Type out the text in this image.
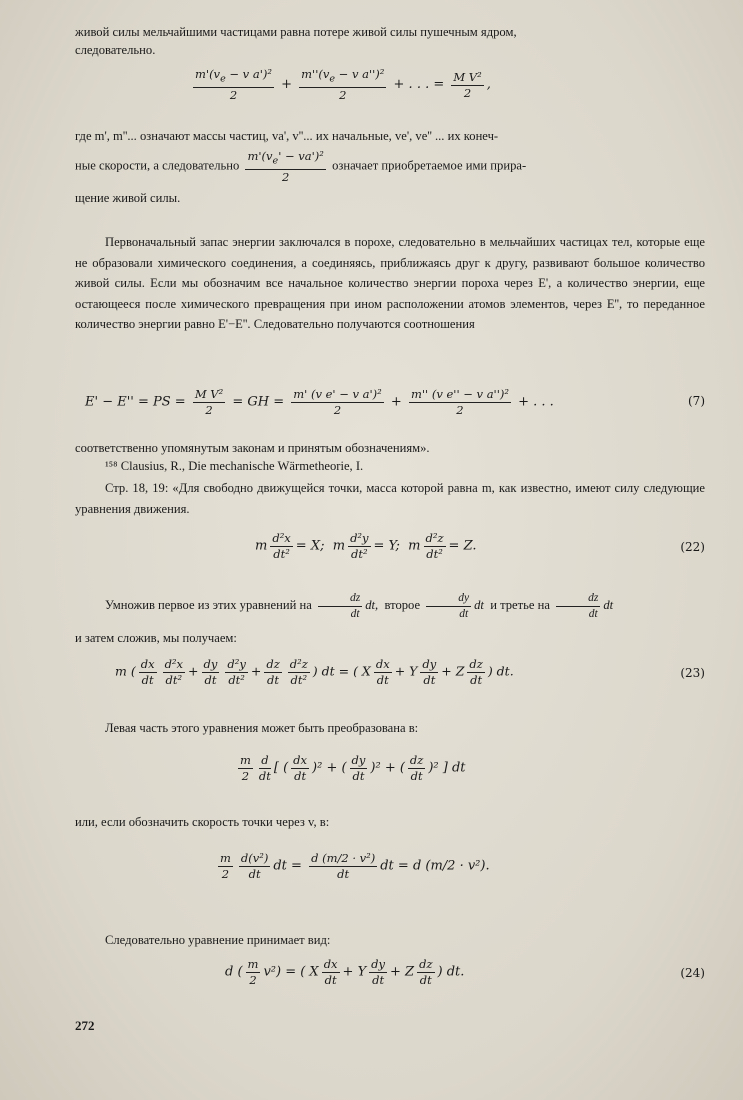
живой силы мельчайшими частицами равна потере живой силы пушечным ядром,

следовательно.

$\frac{m'(v_e - v a')^2}{2} + \frac{m''(v_e - v a'')^2}{2}$ + . . . = $\frac{\text{M V²}}{2}$ ,

где m', m''... означают массы частиц, va', v''... их начальные, ve', ve'' ... их конеч-

ные скорости, а следовательно $\frac{m'(v_e' - va')^2}{2}$ означает приобретаемое ими прира-

щение живой силы.

Первоначальный запас энергии заключался в порохе, следовательно в мельчайших частицах тел, которые еще не образовали химического соединения, а соединяясь, приближаясь друг к другу, развивают большое количество живой силы. Если мы обозначим все начальное количество энергии пороха через E', а количество энергии, еще остающееся после химического превращения при ином расположении атомов элементов, через E'', то переданное количество энергии равно E'−E''. Следовательно получаются соотношения

E' − E'' = PS = $\frac{\text{M V²}}{2}$ = GH = $\frac{\text{m' (v e' − v a')²}}{2} + \frac{\text{m'' (v e'' − v a'')²}}{2}$ + . . .	(7)

соответственно упомянутым законам и принятым обозначениям».

¹⁵⁸ Clausius, R., Die mechanische Wärmetheorie, I.

Стр. 18, 19: «Для свободно движущейся точки, масса которой равна m, как известно, имеют силу следующие уравнения движения.

m $\frac{\text{d²x}}{\text{dt²}} = X$;  m $\frac{\text{d²y}}{\text{dt²}} = Y$;  m $\frac{\text{d²z}}{\text{dt²}} = Z$.	(22)
Умножив первое из этих уравнений на $\frac{dz}{dt}$ dt, второе $\frac{dy}{dt}$ dt и третье на $\frac{dz}{dt}$ dt

и затем сложив, мы получаем:

m ( $\frac{dx}{dt} \frac{\text{d²x}}{\text{dt²}} + \frac{dy}{dt} \frac{\text{d²y}}{\text{dt²}} + \frac{dz}{dt} \frac{\text{d²z}}{\text{dt²}}$ ) dt = ( X $\frac{dx}{dt} + Y \frac{dy}{dt} + Z \frac{dz}{dt}$ ) dt.	(23)

Левая часть этого уравнения может быть преобразована в:

$\frac{m}{2} \frac{d}{dt}$ [ ( $\frac{dx}{dt} )^2$ + ( $\frac{dy}{dt} )^2$ + ( $\frac{dz}{dt} )^2$ ] dt

или, если обозначить скорость точки через v, в:

$\frac{m}{2} \frac{\text{d(v²)}}{dt}$ dt = $\frac{\text{d (m/2 · v²)}}{dt}$ dt = d (m/2 · v²).

Следовательно уравнение принимает вид:

d ( $\frac{m}{2} v^2$) = ( X $\frac{dx}{dt} + Y \frac{dy}{dt} + Z \frac{dz}{dt}$ ) dt.	(24)
272
